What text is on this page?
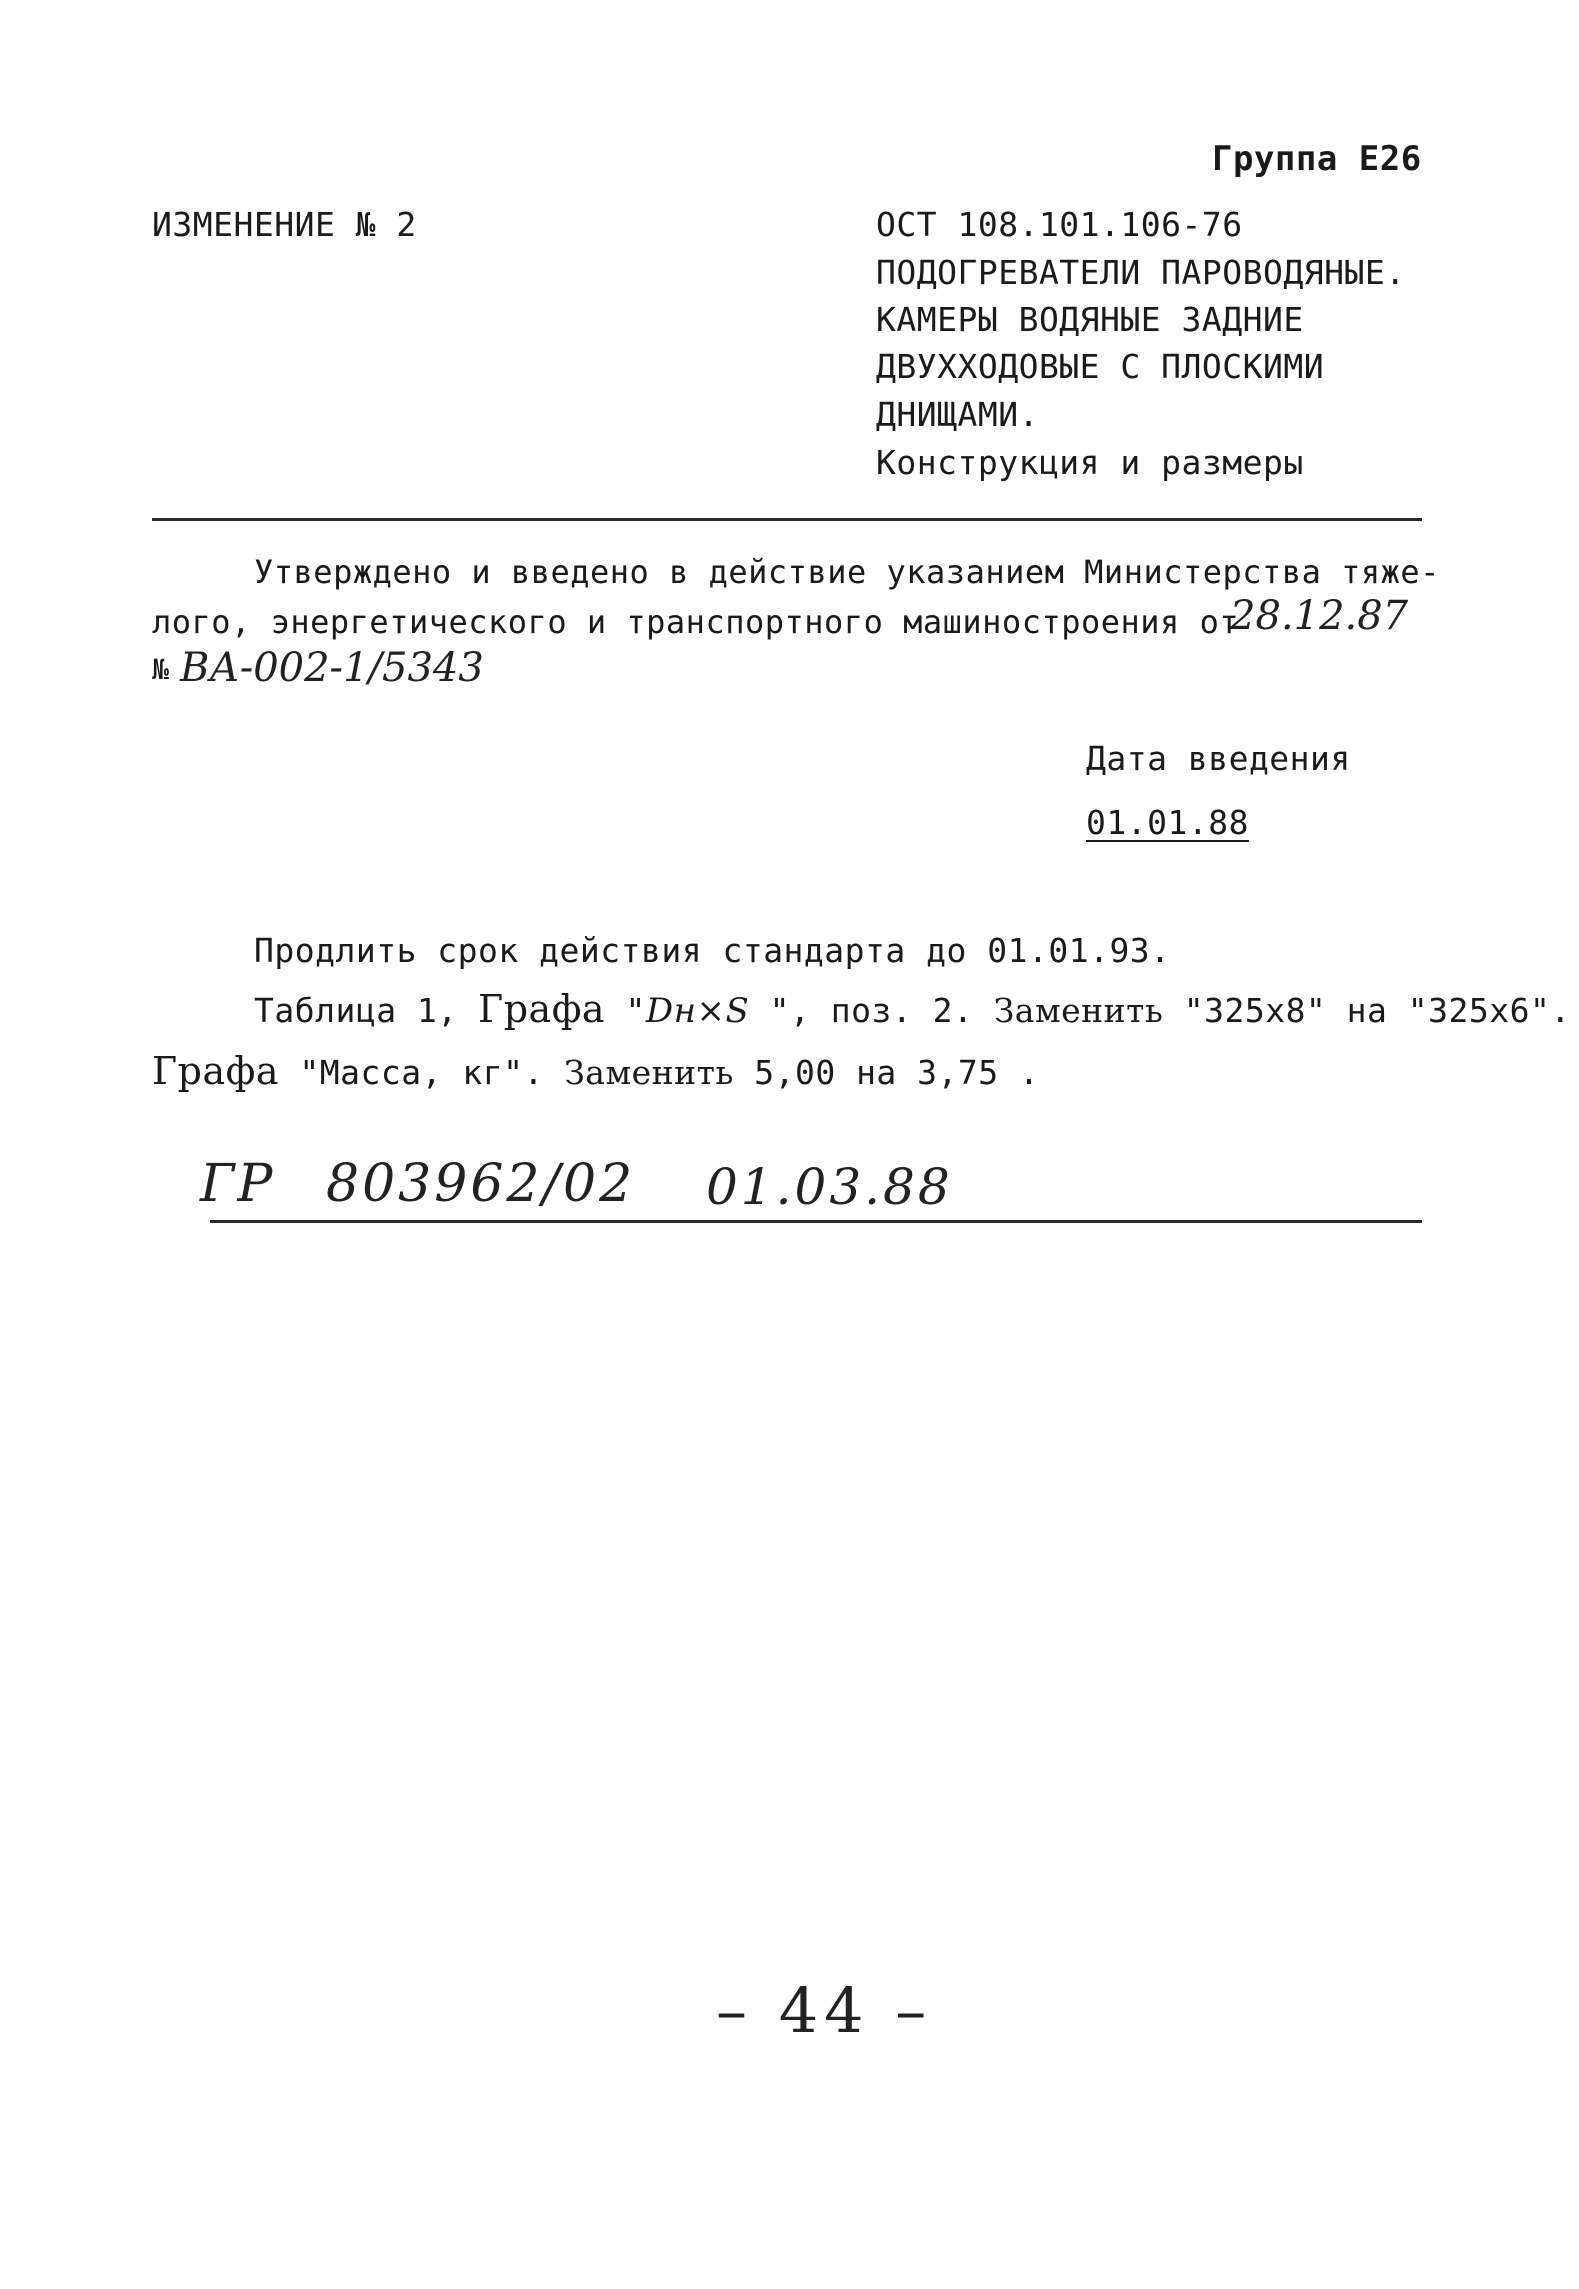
Группа Е26
ИЗМЕНЕНИЕ № 2	ОСТ 108.101.106-76
ПОДОГРЕВАТЕЛИ ПАРОВОДЯНЫЕ.
КАМЕРЫ ВОДЯНЫЕ ЗАДНИЕ
ДВУХХОДОВЫЕ С ПЛОСКИМИ
ДНИЩАМИ.
Конструкция и размеры
Утверждено и введено в действие указанием Министерства тяже-
лого, энергетического и транспортного машиностроения от
28.12.87
№ ВА-002-1/5343
Дата введения
01.01.88
Продлить срок действия стандарта до 01.01.93.
Таблица 1, Графа "Dн×S ", поз. 2. Заменить "325х8" на "325х6".
Графа "Масса, кг". Заменить 5,00 на 3,75 .
ГР 803962/02 01.03.88
– 44 –
